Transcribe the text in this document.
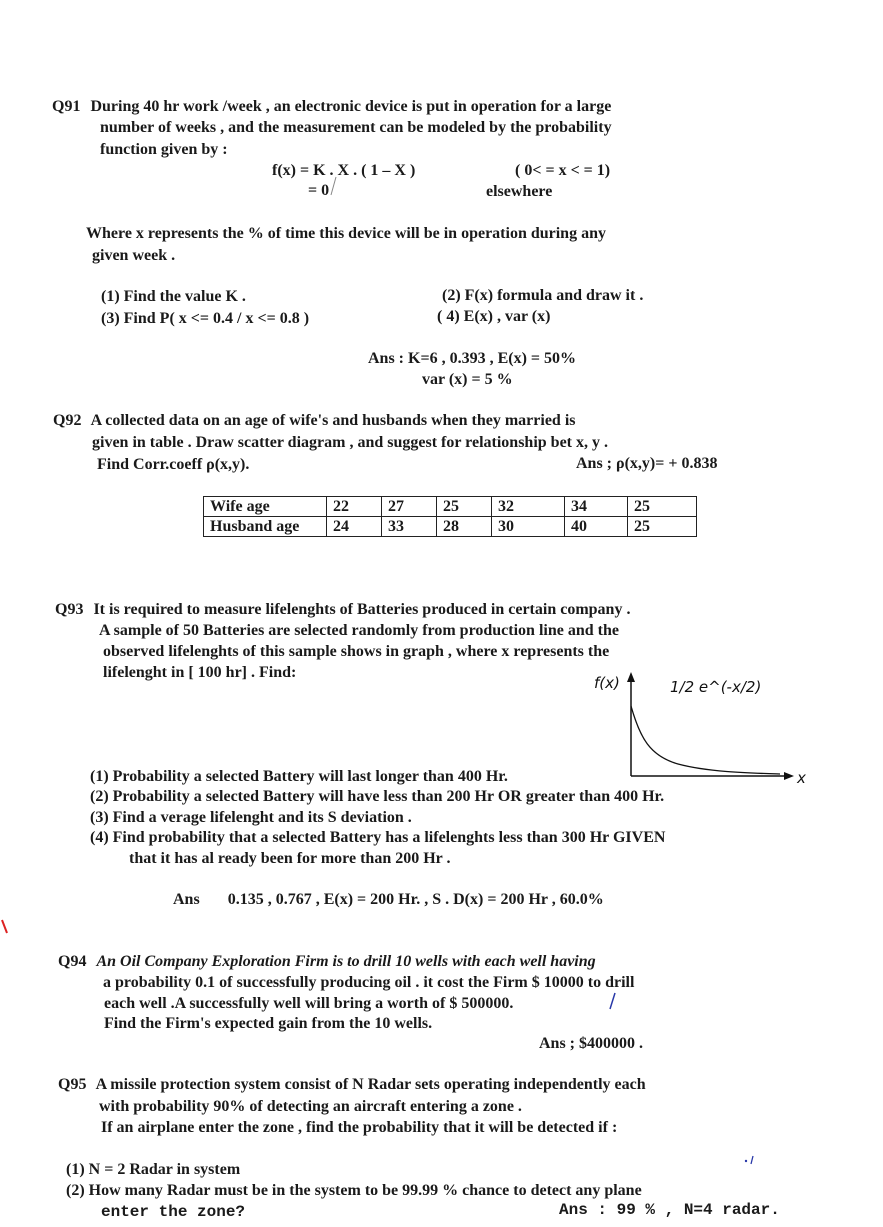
Q91 During 40 hr work /week , an electronic device is put in operation for a large
number of weeks , and the measurement can be modeled by the probability
function given by :
f(x) = K . X . ( 1 – X )	( 0< = x < = 1)
= 0	elsewhere
Where x represents the % of time this device will be in operation during any
given week .
(1) Find the value K .	(2) F(x) formula and draw it .
(3) Find P( x <= 0.4 / x <= 0.8 )	( 4) E(x) , var (x)
Ans : K=6 , 0.393 , E(x) = 50%
var (x) = 5 %
Q92 A collected data on an age of wife's and husbands when they married is
given in table . Draw scatter diagram , and suggest for relationship bet x, y .
Find Corr.coeff ρ(x,y).	Ans ; ρ(x,y)= + 0.838
Wife age	22	27	25	32	34	25
Husband age	24	33	28	30	40	25
Q93 It is required to measure lifelenghts of Batteries produced in certain company .
A sample of 50 Batteries are selected randomly from production line and the
observed lifelenghts of this sample shows in graph , where x represents the
lifelenght in [ 100 hr] . Find:
f(x)	1/2 e^(-x/2)
x
(1) Probability a selected Battery will last longer than 400 Hr.
(2) Probability a selected Battery will have less than 200 Hr OR greater than 400 Hr.
(3) Find a verage lifelenght and its S deviation .
(4) Find probability that a selected Battery has a lifelenghts less than 300 Hr GIVEN
that it has al ready been for more than 200 Hr .
Ans 0.135 , 0.767 , E(x) = 200 Hr. , S . D(x) = 200 Hr , 60.0%
Q94 An Oil Company Exploration Firm is to drill 10 wells with each well having
a probability 0.1 of successfully producing oil . it cost the Firm $ 10000 to drill
each well .A successfully well will bring a worth of $ 500000.
Find the Firm's expected gain from the 10 wells.
Ans ; $400000 .
Q95 A missile protection system consist of N Radar sets operating independently each
with probability 90% of detecting an aircraft entering a zone .
If an airplane enter the zone , find the probability that it will be detected if :
(1) N = 2 Radar in system
(2) How many Radar must be in the system to be 99.99 % chance to detect any plane
enter the zone?	Ans : 99 % , N=4 radar.
